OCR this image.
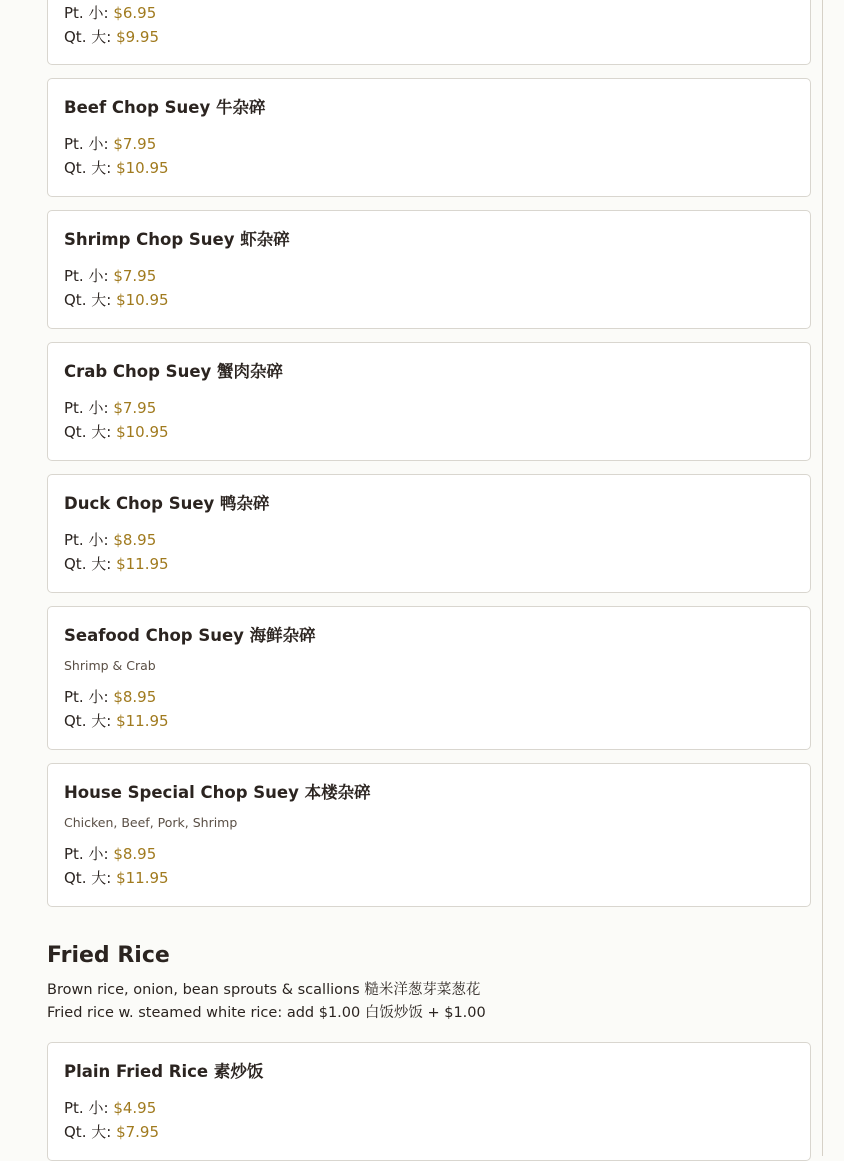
Pt. 小: $6.95
Qt. 大: $9.95
Beef Chop Suey 牛杂碎
Pt. 小: $7.95
Qt. 大: $10.95
Shrimp Chop Suey 虾杂碎
Pt. 小: $7.95
Qt. 大: $10.95
Crab Chop Suey 蟹肉杂碎
Pt. 小: $7.95
Qt. 大: $10.95
Duck Chop Suey 鸭杂碎
Pt. 小: $8.95
Qt. 大: $11.95
Seafood Chop Suey 海鲜杂碎
Shrimp & Crab
Pt. 小: $8.95
Qt. 大: $11.95
House Special Chop Suey 本楼杂碎
Chicken, Beef, Pork, Shrimp
Pt. 小: $8.95
Qt. 大: $11.95
Fried Rice
Brown rice, onion, bean sprouts & scallions 糙米洋葱芽菜葱花
Fried rice w. steamed white rice: add $1.00 白饭炒饭 + $1.00
Plain Fried Rice 素炒饭
Pt. 小: $4.95
Qt. 大: $7.95
